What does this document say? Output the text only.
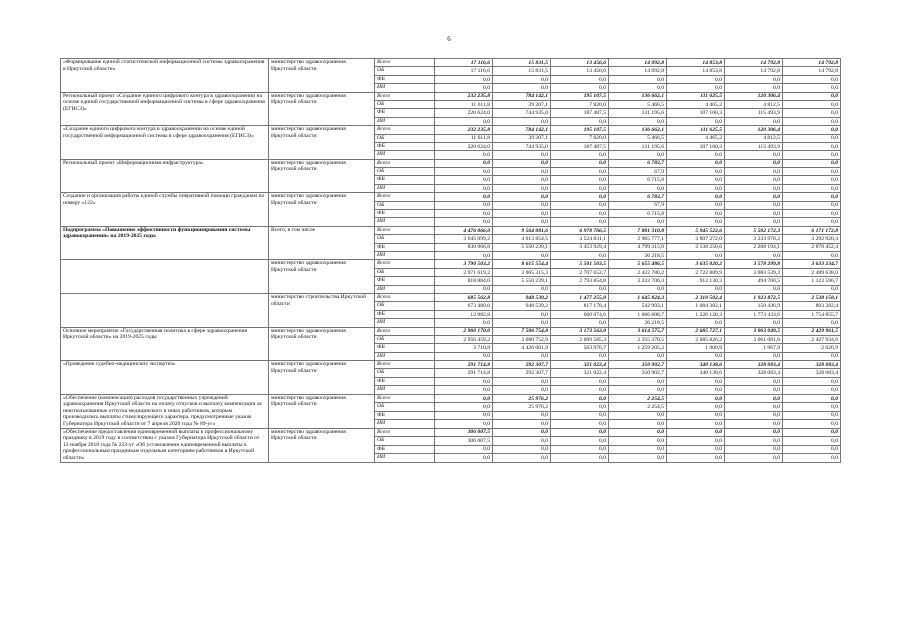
6
«Формирование единой статистической информационной системы здравоохранения в Иркутской области»	министерство здравоохранения Иркутской области	Всего	17 116,6	15 831,5	13 456,6	14 092,8	14 853,8	14 792,8	14 792,8
		ОБ	17 116,6	15 831,5	13 456,6	14 092,8	14 853,8	14 792,8	14 792,8
		ФБ	0,0	0,0	0,0	0,0	0,0	0,0	0,0
		ИИ	0,0	0,0	0,0	0,0	0,0	0,0	0,0
Региональный проект «Создание единого цифрового контура в здравоохранении на основе единой государственной информационной системы в сфере здравоохранения (ЕГИСЗ)»	министерство здравоохранения Иркутской области	Всего	232 235,8	784 142,1	195 107,5	136 662,1	111 625,5	120 306,4	0,0
		ОБ	11 611,8	39 207,1	7 820,0	5 466,5	4 465,2	4 812,5	0,0
		ФБ	220 624,0	744 935,0	187 487,5	131 195,6	107 160,3	115 493,9	0,0
		ИИ	0,0	0,0	0,0	0,0	0,0	0,0	0,0
«Создание единого цифрового контура в здравоохранении на основе единой государственной информационной системы в сфере здравоохранения (ЕГИСЗ)»	министерство здравоохранения Иркутской области	Всего	232 235,8	784 142,1	195 107,5	136 662,1	111 625,5	120 306,4	0,0
		ОБ	11 611,8	39 207,1	7 820,0	5 466,5	4 465,2	4 812,5	0,0
		ФБ	220 624,0	744 935,0	187 487,5	131 195,6	107 160,3	115 493,9	0,0
		ИИ	0,0	0,0	0,0	0,0	0,0	0,0	0,0
Региональный проект «Информационная инфраструктура»	министерство здравоохранения Иркутской области	Всего	0,0	0,0	0,0	6 783,7	0,0	0,0	0,0
		ОБ	0,0	0,0	0,0	67,9	0,0	0,0	0,0
		ФБ	0,0	0,0	0,0	6 715,8	0,0	0,0	0,0
		ИИ	0,0	0,0	0,0	0,0	0,0	0,0	0,0
Создание и организация работы единой службы оперативной помощи гражданам по номеру «122»	министерство здравоохранения Иркутской области	Всего	0,0	0,0	0,0	6 783,7	0,0	0,0	0,0
		ОБ	0,0	0,0	0,0	67,9	0,0	0,0	0,0
		ФБ	0,0	0,0	0,0	6 715,8	0,0	0,0	0,0
		ИИ	0,0	0,0	0,0	0,0	0,0	0,0	0,0
Подпрограмма «Повышение эффективности функционирования системы здравоохранения» на 2019-2025 годы	Всего, в том числе	Всего	4 476 066,0	9 564 081,6	6 978 766,5	7 801 310,8	5 945 522,6	5 502 172,3	6 171 172,8
		ОБ	3 645 099,2	4 013 854,5	3 524 831,1	2 965 777,1	3 807 272,0	3 233 978,2	3 292 920,4
		ФБ	830 966,8	5 550 239,1	3 453 929,4	4 799 315,0	2 138 250,6	2 268 194,1	2 878 452,4
		ИИ	0,0	0,0	0,0	36 218,5	0,0	0,0	0,0
	министерство здравоохранения Иркутской области	Всего	3 790 503,2	8 615 554,4	5 501 503,5	5 655 486,5	3 635 020,2	3 578 299,8	3 633 234,7
		ОБ	2 971 619,2	3 065 315,3	2 707 652,7	2 422 780,2	2 722 889,9	3 083 539,3	2 489 638,0
		ФБ	818 884,0	5 550 239,1	2 793 854,8	3 232 706,3	912 130,3	494 760,5	1 123 596,7
		ИИ	0,0	0,0	0,0	0,0	0,0	0,0	0,0
	министерство строительства Иркутской области	Всего	685 562,8	948 539,2	1 477 255,0	1 645 824,3	2 310 502,4	1 923 872,5	2 538 158,1
		ОБ	673 480,0	948 539,2	817 178,4	542 993,1	1 084 382,1	150 436,9	803 282,4
		ФБ	12 082,8	0,0	660 074,6	1 066 608,7	1 226 120,3	1 773 433,6	1 754 855,7
		ИИ	0,0	0,0	0,0	36 218,5	0,0	0,0	0,0
Основное мероприятие «Государственная политика в сфере здравоохранения Иркутской области» на 2019-2025 годы	министерство здравоохранения Иркутской области	Всего	2 960 170,0	7 506 754,8	3 173 562,0	3 614 575,7	2 685 727,1	3 063 049,5	2 429 961,5
		ОБ	2 956 459,2	3 080 752,9	2 609 585,3	2 355 370,5	2 685 826,2	3 061 081,6	2 427 934,6
		ФБ	3 710,8	4 426 001,9	563 976,7	1 259 205,2	1 900,9	1 967,9	2 026,9
		ИИ	0,0	0,0	0,0	0,0	0,0	0,0	0,0
«Проведение судебно-медицинских экспертиз»	министерство здравоохранения Иркутской области	Всего	291 714,8	292 307,7	321 022,4	350 902,7	340 138,6	328 083,4	328 083,4
		ОБ	291 714,8	292 307,7	321 022,4	350 902,7	340 138,6	328 083,4	328 083,4
		ФБ	0,0	0,0	0,0	0,0	0,0	0,0	0,0
		ИИ	0,0	0,0	0,0	0,0	0,0	0,0	0,0
«Обеспечение (компенсация) расходов государственных учреждений здравоохранения Иркутской области на оплату отпусков и выплату компенсации за неиспользованные отпуска медицинского и иных работников, которым производились выплаты стимулирующего характера, предусмотренные указом Губернатора Иркутской области от 7 апреля 2020 года № 89-уг»	министерство здравоохранения Иркутской области	Всего	0,0	25 976,2	0,0	2 254,5	0,0	0,0	0,0
		ОБ	0,0	25 976,2	0,0	2 254,5	0,0	0,0	0,0
		ФБ	0,0	0,0	0,0	0,0	0,0	0,0	0,0
		ИИ	0,0	0,0	0,0	0,0	0,0	0,0	0,0
«Обеспечение предоставления единовременной выплаты к профессиональному празднику в 2019 году в соответствии с указом Губернатора Иркутской области от 12 ноября 2018 года № 233-уг «Об установлении единовременной выплаты к профессиональным праздникам отдельным категориям работников в Иркутской области»	министерство здравоохранения Иркутской области	Всего	306 007,5	0,0	0,0	0,0	0,0	0,0	0,0
		ОБ	306 007,5	0,0	0,0	0,0	0,0	0,0	0,0
		ФБ	0,0	0,0	0,0	0,0	0,0	0,0	0,0
		ИИ	0,0	0,0	0,0	0,0	0,0	0,0	0,0
